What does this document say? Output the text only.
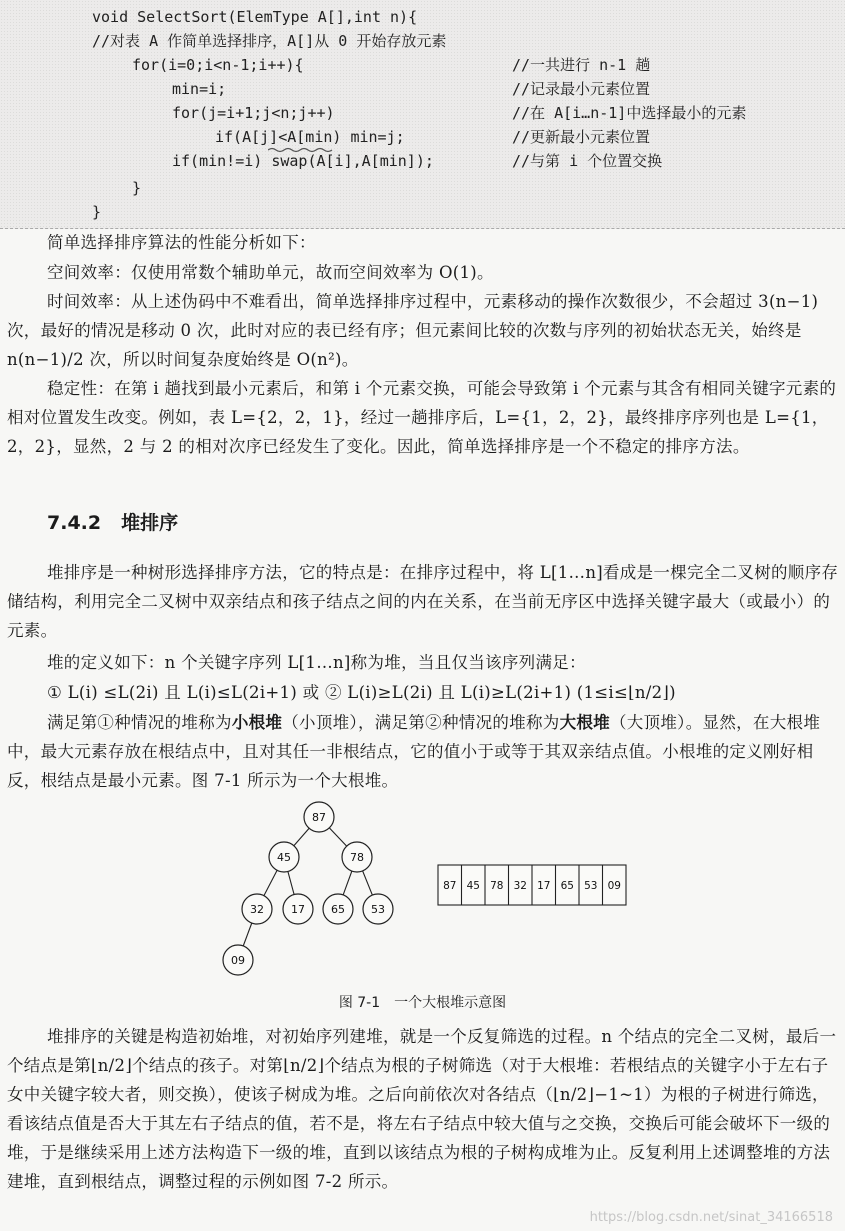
void SelectSort(ElemType A[],int n){
//对表 A 作简单选择排序，A[]从 0 开始存放元素
for(i=0;i<n-1;i++){
min=i;
for(j=i+1;j<n;j++)
if(A[j]<A[min) min=j;
if(min!=i) swap(A[i],A[min]);
}
}
//一共进行 n-1 趟
//记录最小元素位置
//在 A[i…n-1]中选择最小的元素
//更新最小元素位置
//与第 i 个位置交换
简单选择排序算法的性能分析如下：
空间效率：仅使用常数个辅助单元，故而空间效率为 O(1)。
时间效率：从上述伪码中不难看出，简单选择排序过程中，元素移动的操作次数很少，不会超过 3(n−1)次，最好的情况是移动 0 次，此时对应的表已经有序；但元素间比较的次数与序列的初始状态无关，始终是 n(n−1)/2 次，所以时间复杂度始终是 O(n²)。
稳定性：在第 i 趟找到最小元素后，和第 i 个元素交换，可能会导致第 i 个元素与其含有相同关键字元素的相对位置发生改变。例如，表 L={2，2，1}，经过一趟排序后，L={1，2，2}，最终排序序列也是 L={1，2，2}，显然，2 与 2 的相对次序已经发生了变化。因此，简单选择排序是一个不稳定的排序方法。
7.4.2 堆排序
堆排序是一种树形选择排序方法，它的特点是：在排序过程中，将 L[1…n]看成是一棵完全二叉树的顺序存储结构，利用完全二叉树中双亲结点和孩子结点之间的内在关系，在当前无序区中选择关键字最大（或最小）的元素。
堆的定义如下：n 个关键字序列 L[1…n]称为堆，当且仅当该序列满足：
① L(i) ≤L(2i) 且 L(i)≤L(2i+1) 或 ② L(i)≥L(2i) 且 L(i)≥L(2i+1) (1≤i≤⌊n/2⌋)
满足第①种情况的堆称为小根堆（小顶堆），满足第②种情况的堆称为大根堆（大顶堆）。显然，在大根堆中，最大元素存放在根结点中，且对其任一非根结点，它的值小于或等于其双亲结点值。小根堆的定义刚好相反，根结点是最小元素。图 7-1 所示为一个大根堆。
87
45	78
32 17 65 53
09
87 45 78 32 17 65 53 09
图 7-1 一个大根堆示意图
堆排序的关键是构造初始堆，对初始序列建堆，就是一个反复筛选的过程。n 个结点的完全二叉树，最后一个结点是第⌊n/2⌋个结点的孩子。对第⌊n/2⌋个结点为根的子树筛选（对于大根堆：若根结点的关键字小于左右子女中关键字较大者，则交换），使该子树成为堆。之后向前依次对各结点（⌊n/2⌋−1~1）为根的子树进行筛选，看该结点值是否大于其左右子结点的值，若不是，将左右子结点中较大值与之交换，交换后可能会破坏下一级的堆，于是继续采用上述方法构造下一级的堆，直到以该结点为根的子树构成堆为止。反复利用上述调整堆的方法建堆，直到根结点，调整过程的示例如图 7-2 所示。
https://blog.csdn.net/sinat_34166518
